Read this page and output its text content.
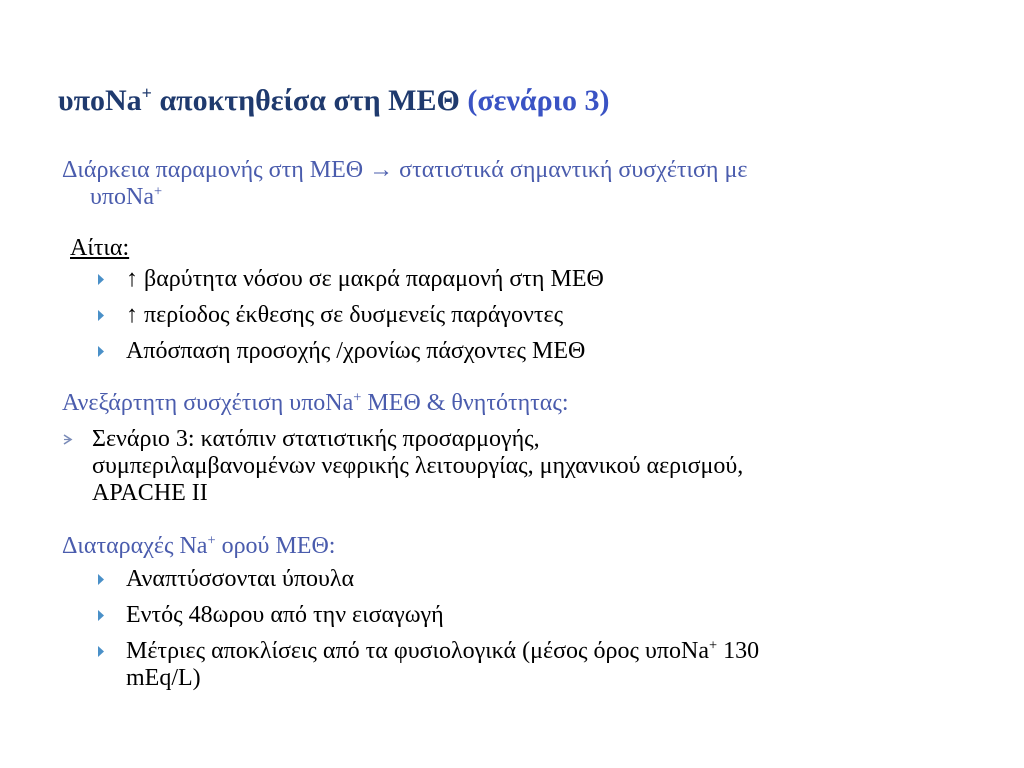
υποNa+ αποκτηθείσα στη ΜΕΘ (σενάριο 3)
Διάρκεια παραμονής στη ΜΕΘ → στατιστικά σημαντική συσχέτιση με
υποNa+
Αίτια:
↑ βαρύτητα νόσου σε μακρά παραμονή στη ΜΕΘ
↑ περίοδος έκθεσης σε δυσμενείς παράγοντες
Απόσπαση προσοχής /χρονίως πάσχοντες ΜΕΘ
Ανεξάρτητη συσχέτιση υποNa+ ΜΕΘ & θνητότητας:
Σενάριο 3: κατόπιν στατιστικής προσαρμογής,
συμπεριλαμβανομένων νεφρικής λειτουργίας, μηχανικού αερισμού,
APACHE II
Διαταραχές Na+ ορού ΜΕΘ:
Αναπτύσσονται ύπουλα
Εντός 48ωρου από την εισαγωγή
Μέτριες αποκλίσεις από τα φυσιολογικά (μέσος όρος υποNa+ 130
mEq/L)
